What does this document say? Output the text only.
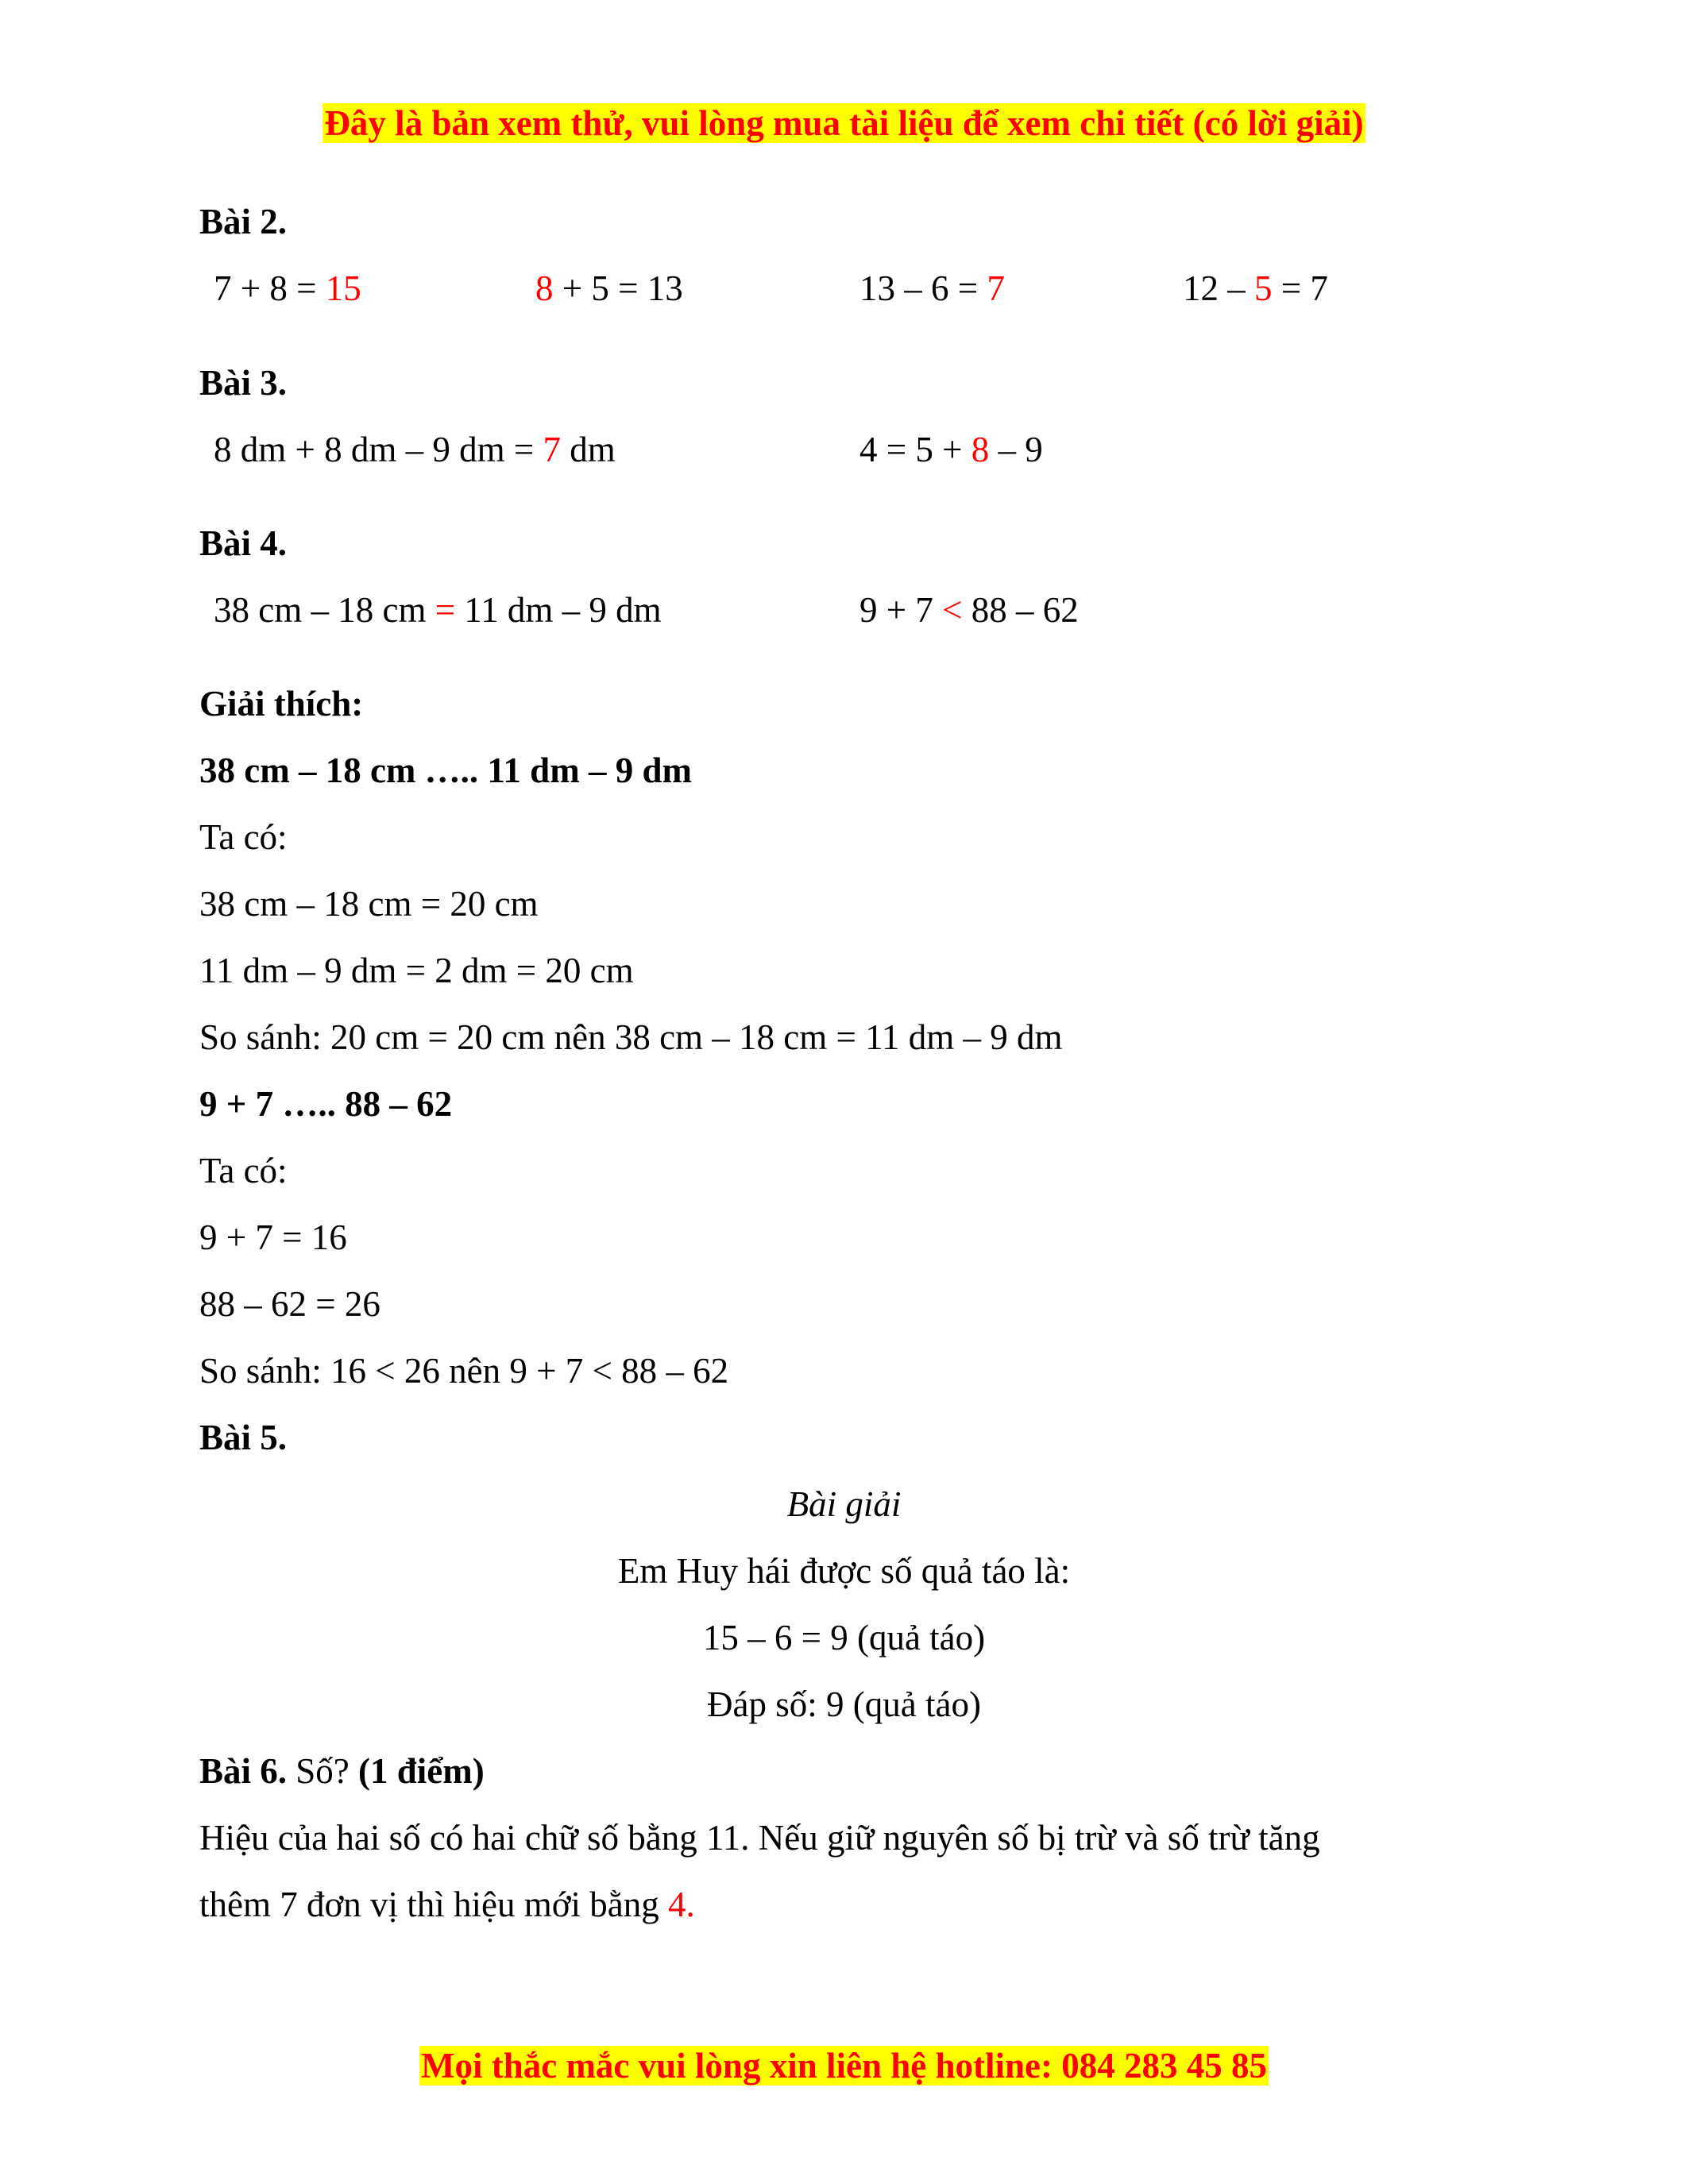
Đây là bản xem thử, vui lòng mua tài liệu để xem chi tiết (có lời giải)
Bài 2.
7 + 8 = 15	8 + 5 = 13	13 – 6 = 7	12 – 5 = 7
Bài 3.
8 dm + 8 dm – 9 dm = 7 dm	4 = 5 + 8 – 9
Bài 4.
38 cm – 18 cm = 11 dm – 9 dm	9 + 7 < 88 – 62
Giải thích:
38 cm – 18 cm ….. 11 dm – 9 dm
Ta có:
38 cm – 18 cm = 20 cm
11 dm – 9 dm = 2 dm = 20 cm
So sánh: 20 cm = 20 cm nên 38 cm – 18 cm = 11 dm – 9 dm
9 + 7 ….. 88 – 62
Ta có:
9 + 7 = 16
88 – 62 = 26
So sánh: 16 < 26 nên 9 + 7 < 88 – 62
Bài 5.
Bài giải
Em Huy hái được số quả táo là:
15 – 6 = 9 (quả táo)
Đáp số: 9 (quả táo)
Bài 6. Số? (1 điểm)
Hiệu của hai số có hai chữ số bằng 11. Nếu giữ nguyên số bị trừ và số trừ tăng
thêm 7 đơn vị thì hiệu mới bằng 4.
Mọi thắc mắc vui lòng xin liên hệ hotline: 084 283 45 85
